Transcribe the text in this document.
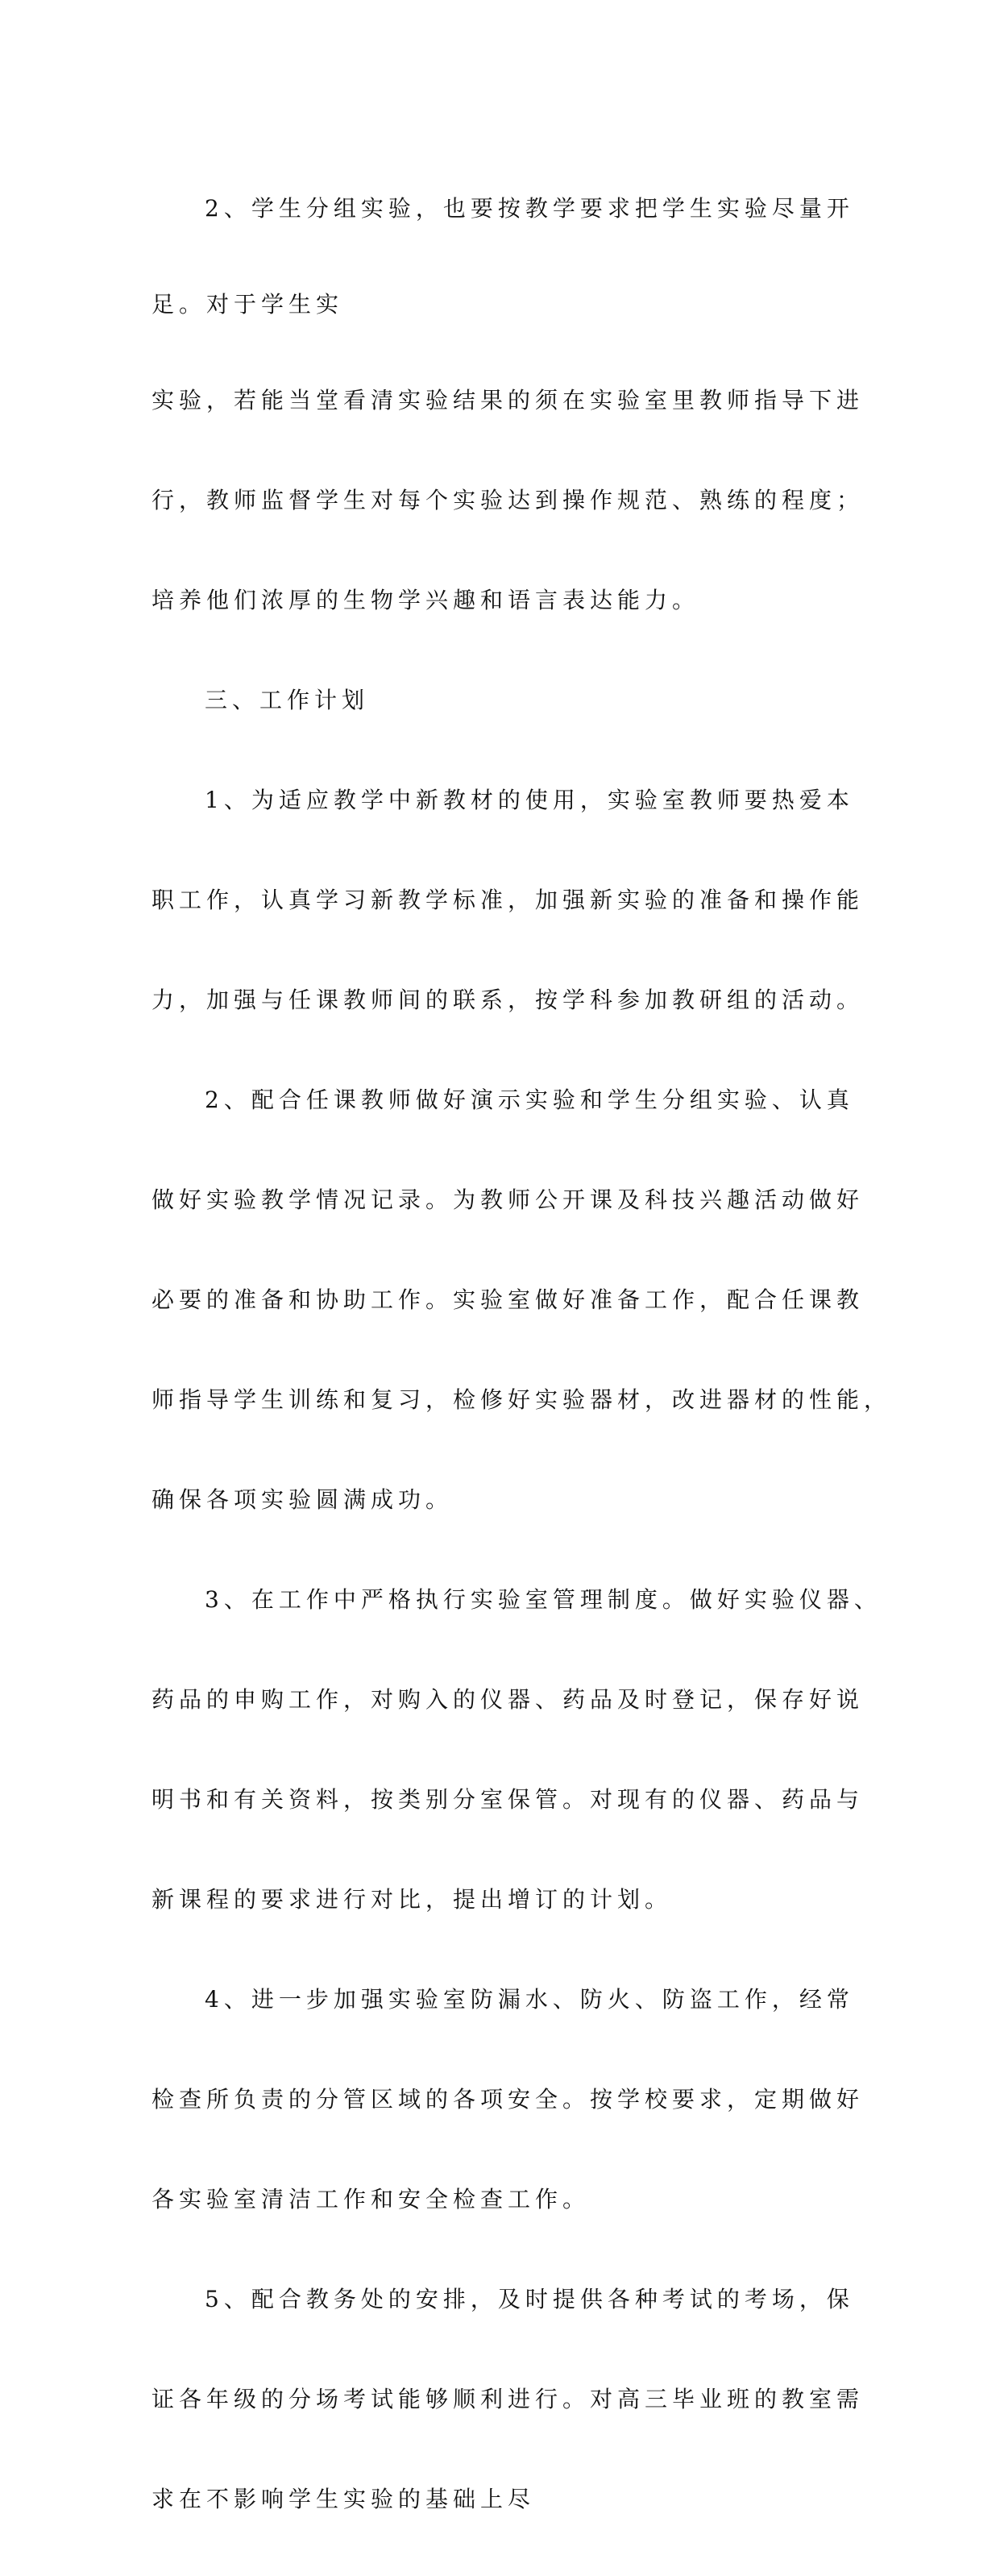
2、学生分组实验，也要按教学要求把学生实验尽量开

足。对于学生实

实验，若能当堂看清实验结果的须在实验室里教师指导下进

行，教师监督学生对每个实验达到操作规范、熟练的程度；

培养他们浓厚的生物学兴趣和语言表达能力。

三、工作计划

1、为适应教学中新教材的使用，实验室教师要热爱本

职工作，认真学习新教学标准，加强新实验的准备和操作能

力，加强与任课教师间的联系，按学科参加教研组的活动。

2、配合任课教师做好演示实验和学生分组实验、认真

做好实验教学情况记录。为教师公开课及科技兴趣活动做好

必要的准备和协助工作。实验室做好准备工作，配合任课教

师指导学生训练和复习，检修好实验器材，改进器材的性能，

确保各项实验圆满成功。

3、在工作中严格执行实验室管理制度。做好实验仪器、

药品的申购工作，对购入的仪器、药品及时登记，保存好说

明书和有关资料，按类别分室保管。对现有的仪器、药品与

新课程的要求进行对比，提出增订的计划。

4、进一步加强实验室防漏水、防火、防盗工作，经常

检查所负责的分管区域的各项安全。按学校要求，定期做好

各实验室清洁工作和安全检查工作。

5、配合教务处的安排，及时提供各种考试的考场，保

证各年级的分场考试能够顺利进行。对高三毕业班的教室需

求在不影响学生实验的基础上尽
